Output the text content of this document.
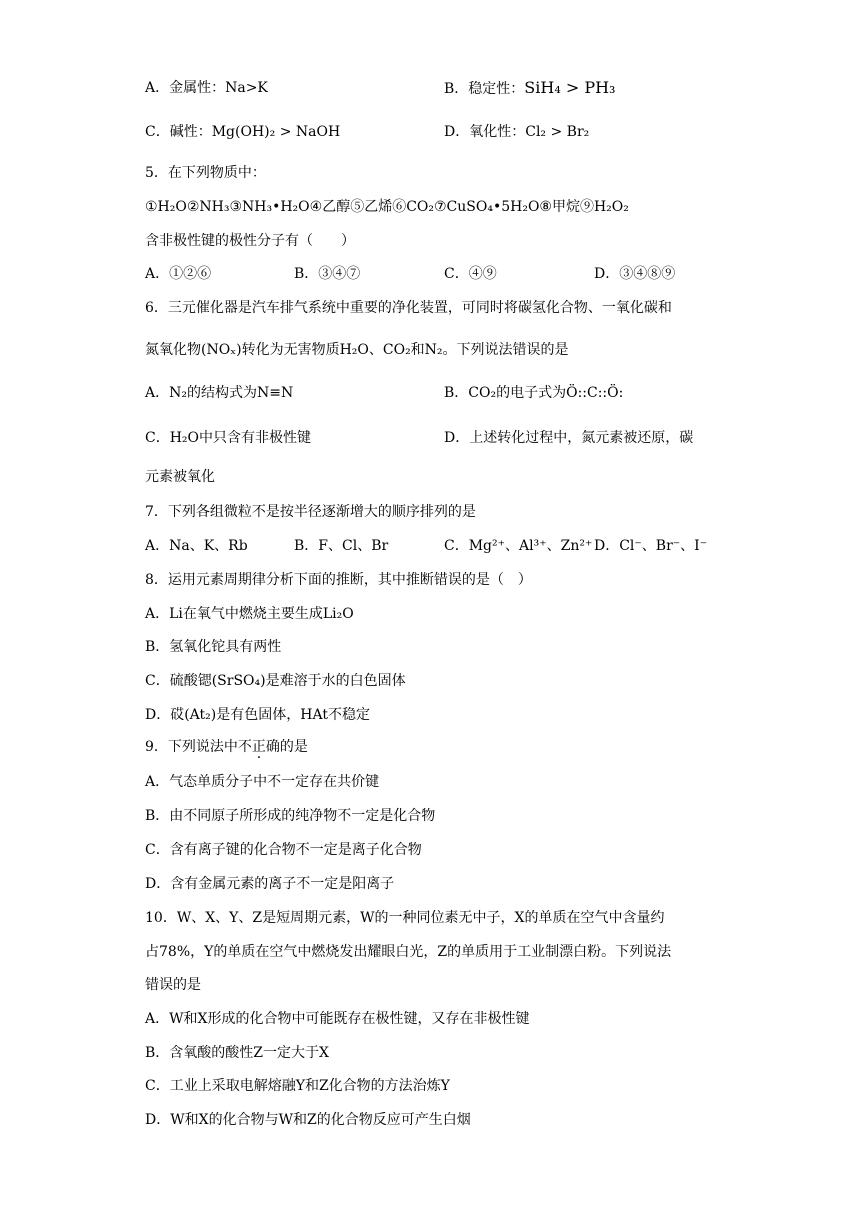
A．金属性：Na>K	B．稳定性：SiH₄ > PH₃
C．碱性：Mg(OH)₂ > NaOH	D．氧化性：Cl₂ > Br₂
5．在下列物质中：
①H₂O②NH₃③NH₃•H₂O④乙醇⑤乙烯⑥CO₂⑦CuSO₄•5H₂O⑧甲烷⑨H₂O₂
含非极性键的极性分子有（　　）
A．①②⑥	B．③④⑦	C．④⑨	D．③④⑧⑨
6．三元催化器是汽车排气系统中重要的净化装置，可同时将碳氢化合物、一氧化碳和
氮氧化物(NOₓ)转化为无害物质H₂O、CO₂和N₂。下列说法错误的是
A．N₂的结构式为N≡N	B．CO₂的电子式为Ö::C::Ö:
C．H₂O中只含有非极性键	D．上述转化过程中，氮元素被还原，碳
元素被氧化
7．下列各组微粒不是按半径逐渐增大的顺序排列的是
A．Na、K、Rb	B．F、Cl、Br	C．Mg²⁺、Al³⁺、Zn²⁺ D．Cl⁻、Br⁻、I⁻
8．运用元素周期律分析下面的推断，其中推断错误的是（　）
A．Li在氧气中燃烧主要生成Li₂O
B．氢氧化铊具有两性
C．硫酸锶(SrSO₄)是难溶于水的白色固体
D．砹(At₂)是有色固体，HAt不稳定
9．下列说法中不正确的是
A．气态单质分子中不一定存在共价键
B．由不同原子所形成的纯净物不一定是化合物
C．含有离子键的化合物不一定是离子化合物
D．含有金属元素的离子不一定是阳离子
10．W、X、Y、Z是短周期元素，W的一种同位素无中子，X的单质在空气中含量约
占78%，Y的单质在空气中燃烧发出耀眼白光，Z的单质用于工业制漂白粉。下列说法
错误的是
A．W和X形成的化合物中可能既存在极性键，又存在非极性键
B．含氧酸的酸性Z一定大于X
C．工业上采取电解熔融Y和Z化合物的方法治炼Y
D．W和X的化合物与W和Z的化合物反应可产生白烟
